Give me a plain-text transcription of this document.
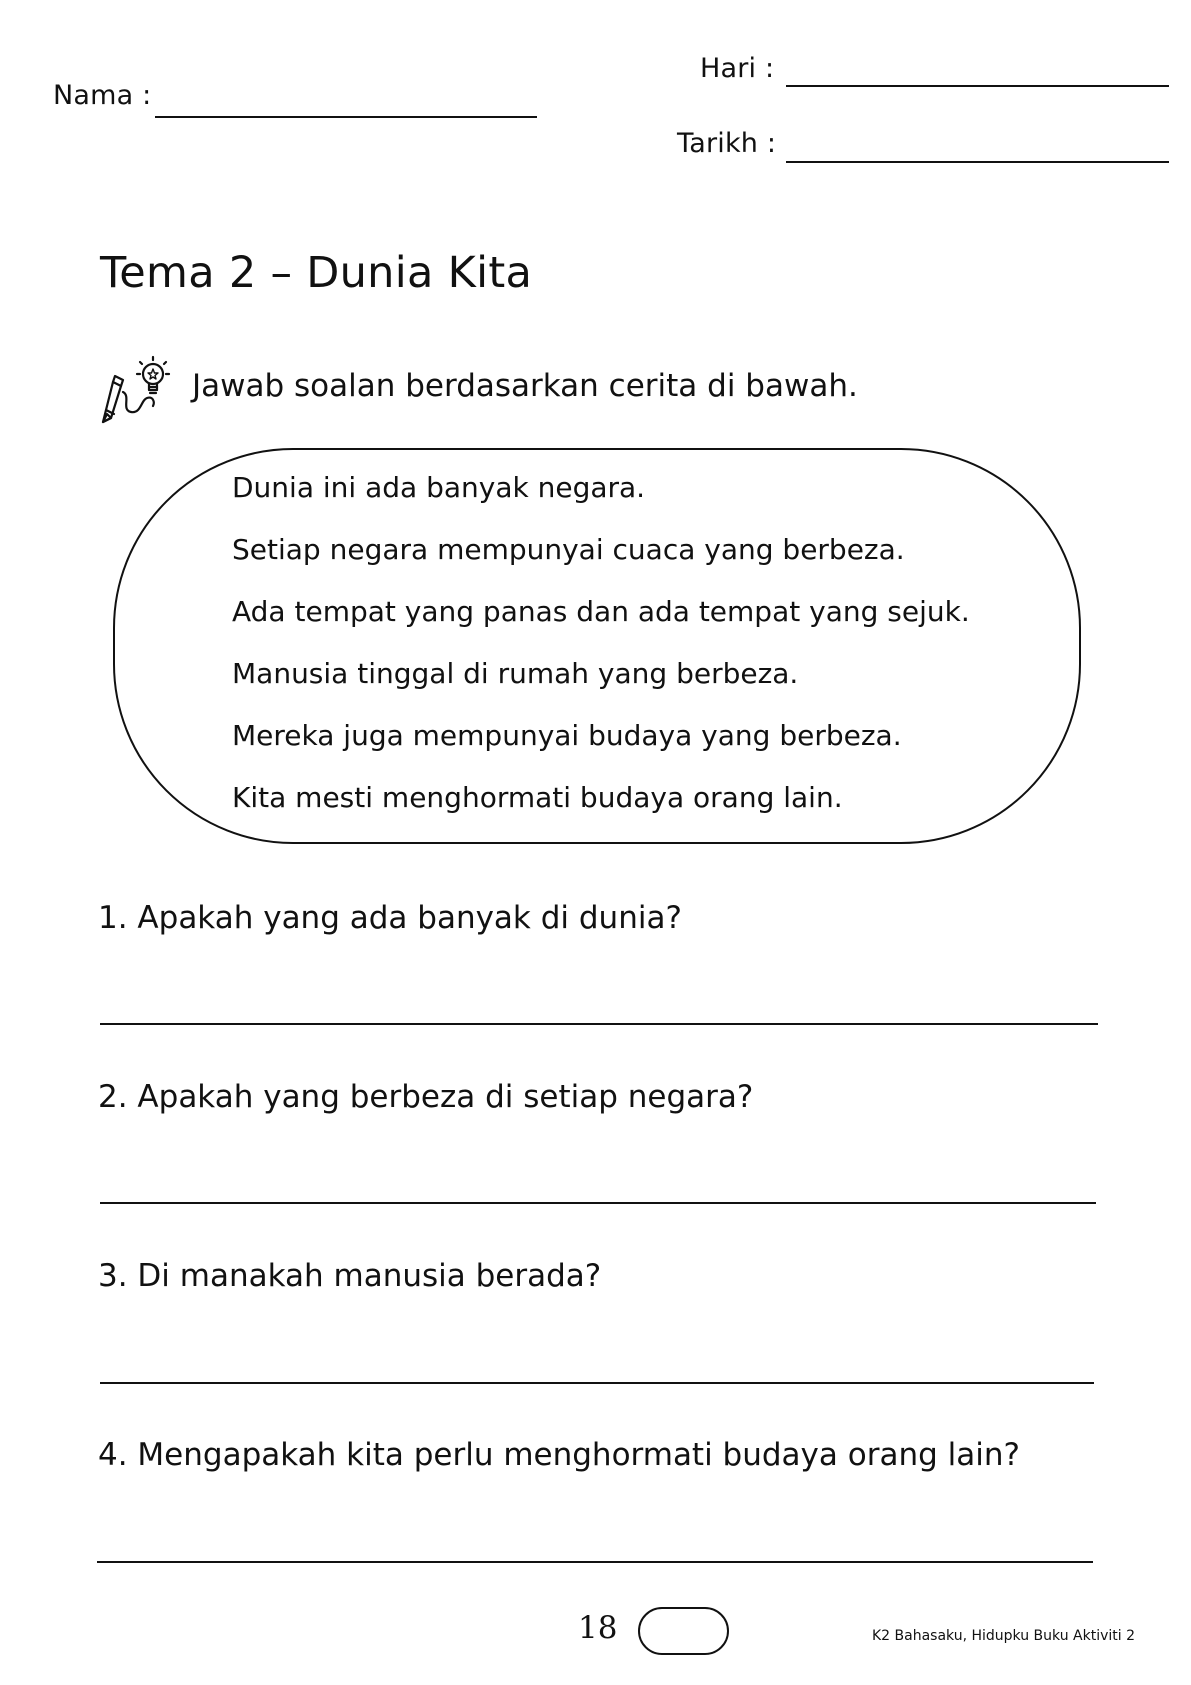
Nama :
Hari :
Tarikh :
Tema 2 – Dunia Kita
Jawab soalan berdasarkan cerita di bawah.
Dunia ini ada banyak negara.
Setiap negara mempunyai cuaca yang berbeza.
Ada tempat yang panas dan ada tempat yang sejuk.
Manusia tinggal di rumah yang berbeza.
Mereka juga mempunyai budaya yang berbeza.
Kita mesti menghormati budaya orang lain.
1. Apakah yang ada banyak di dunia?
2. Apakah yang berbeza di setiap negara?
3. Di manakah manusia berada?
4. Mengapakah kita perlu menghormati budaya orang lain?
18	K2 Bahasaku, Hidupku Buku Aktiviti 2
